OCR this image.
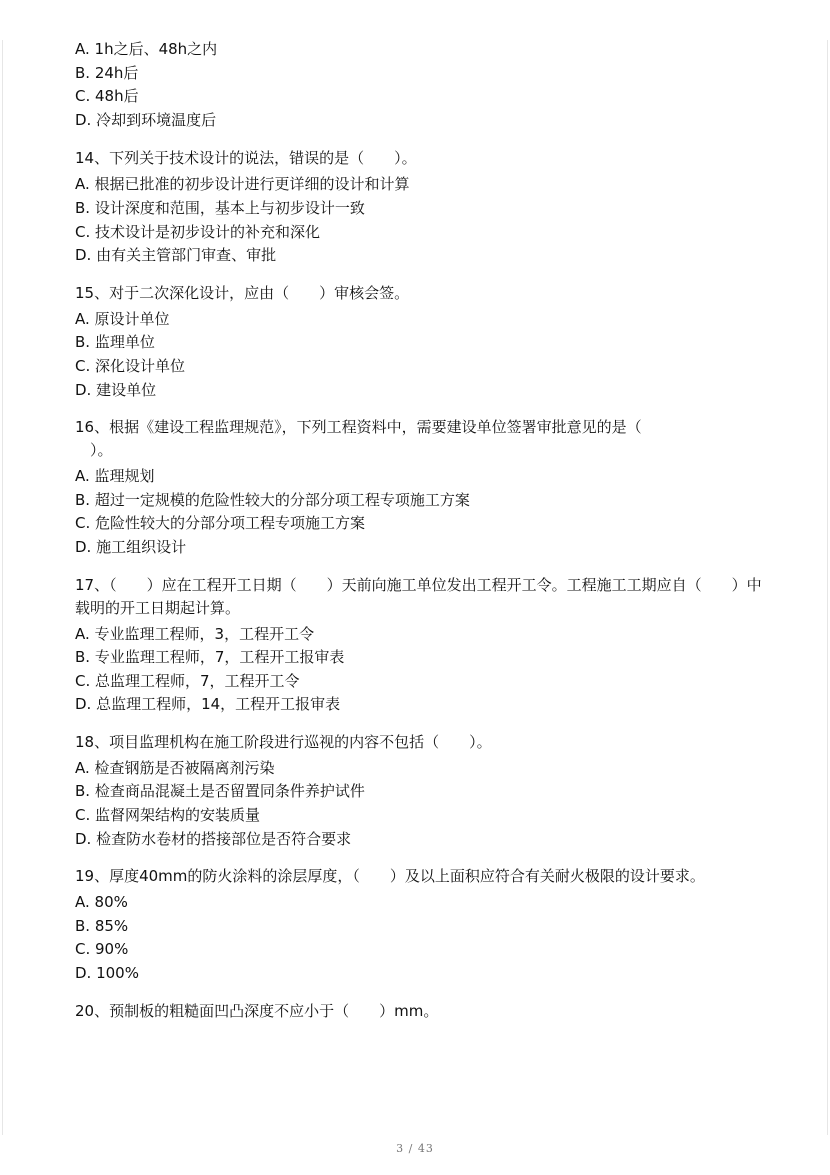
A. 1h之后、48h之内

B. 24h后

C. 48h后

D. 冷却到环境温度后

14、下列关于技术设计的说法，错误的是（　　）。

A. 根据已批准的初步设计进行更详细的设计和计算

B. 设计深度和范围，基本上与初步设计一致

C. 技术设计是初步设计的补充和深化

D. 由有关主管部门审查、审批

15、对于二次深化设计，应由（　　）审核会签。

A. 原设计单位

B. 监理单位

C. 深化设计单位

D. 建设单位

16、根据《建设工程监理规范》，下列工程资料中，需要建设单位签署审批意见的是（
　）。

A. 监理规划

B. 超过一定规模的危险性较大的分部分项工程专项施工方案

C. 危险性较大的分部分项工程专项施工方案

D. 施工组织设计

17、（　　）应在工程开工日期（　　）天前向施工单位发出工程开工令。工程施工工期应自（　　）中载明的开工日期起计算。

A. 专业监理工程师，3，工程开工令

B. 专业监理工程师，7，工程开工报审表

C. 总监理工程师，7，工程开工令

D. 总监理工程师，14，工程开工报审表

18、项目监理机构在施工阶段进行巡视的内容不包括（　　）。

A. 检查钢筋是否被隔离剂污染

B. 检查商品混凝土是否留置同条件养护试件

C. 监督网架结构的安装质量

D. 检查防水卷材的搭接部位是否符合要求

19、厚度40mm的防火涂料的涂层厚度，（　　）及以上面积应符合有关耐火极限的设计要求。

A. 80%

B. 85%

C. 90%

D. 100%

20、预制板的粗糙面凹凸深度不应小于（　　）mm。

3 / 43
